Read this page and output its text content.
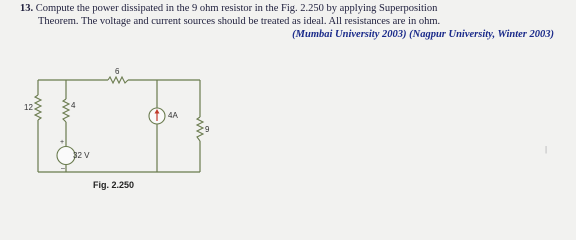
13. Compute the power dissipated in the 9 ohm resistor in the Fig. 2.250 by applying Superposition
Theorem. The voltage and current sources should be treated as ideal. All resistances are in ohm.
(Mumbai University 2003) (Nagpur University, Winter 2003)
6
12	4
9
4A
32 V
+
–
Fig. 2.250
|
